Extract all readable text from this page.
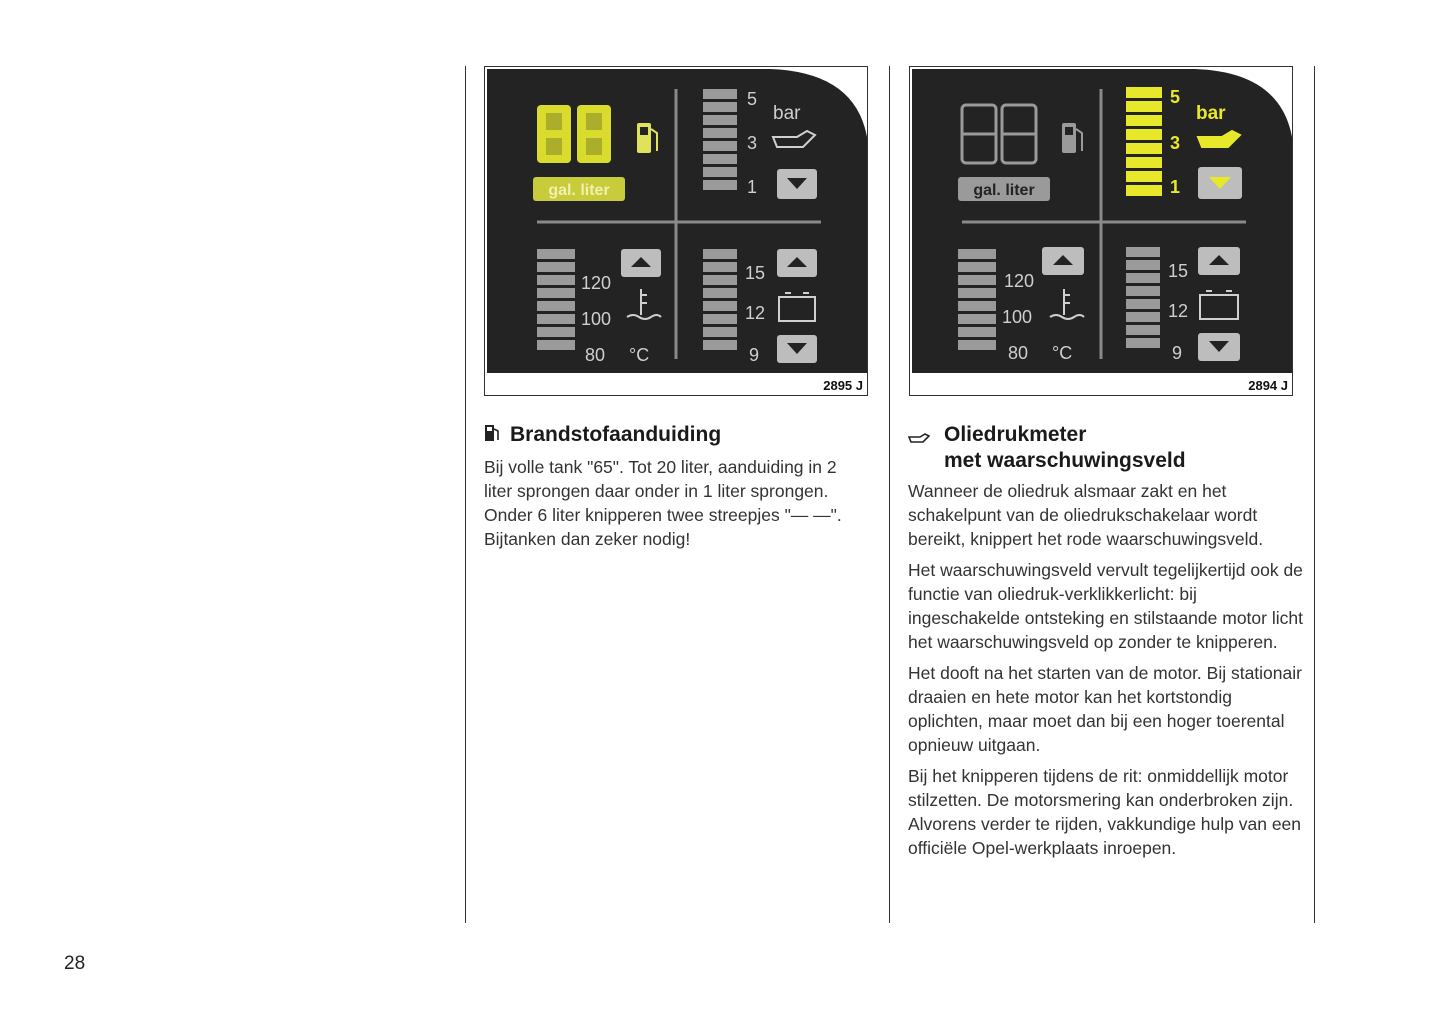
gal. liter
5
3
1
bar
120
100
80 °C
15
12
9
2895 J
Brandstofaanduiding

Bij volle tank "65". Tot 20 liter, aanduiding in 2 liter sprongen daar onder in 1 liter sprongen.

Onder 6 liter knipperen twee streepjes "— —". Bijtanken dan zeker nodig!

gal. liter
5
3
1
bar
120
100
80 °C
15
12
9
2894 J
Oliedrukmeter
met waarschuwingsveld

Wanneer de oliedruk alsmaar zakt en het schakelpunt van de oliedrukschakelaar wordt bereikt, knippert het rode waarschuwingsveld.

Het waarschuwingsveld vervult tegelijkertijd ook de functie van oliedruk-verklikkerlicht: bij ingeschakelde ontsteking en stilstaande motor licht het waarschuwingsveld op zonder te knipperen.

Het dooft na het starten van de motor. Bij stationair draaien en hete motor kan het kortstondig oplichten, maar moet dan bij een hoger toerental opnieuw uitgaan.

Bij het knipperen tijdens de rit: onmiddellijk motor stilzetten. De motorsmering kan onderbroken zijn. Alvorens verder te rijden, vakkundige hulp van een officiële Opel-werkplaats inroepen.

28
